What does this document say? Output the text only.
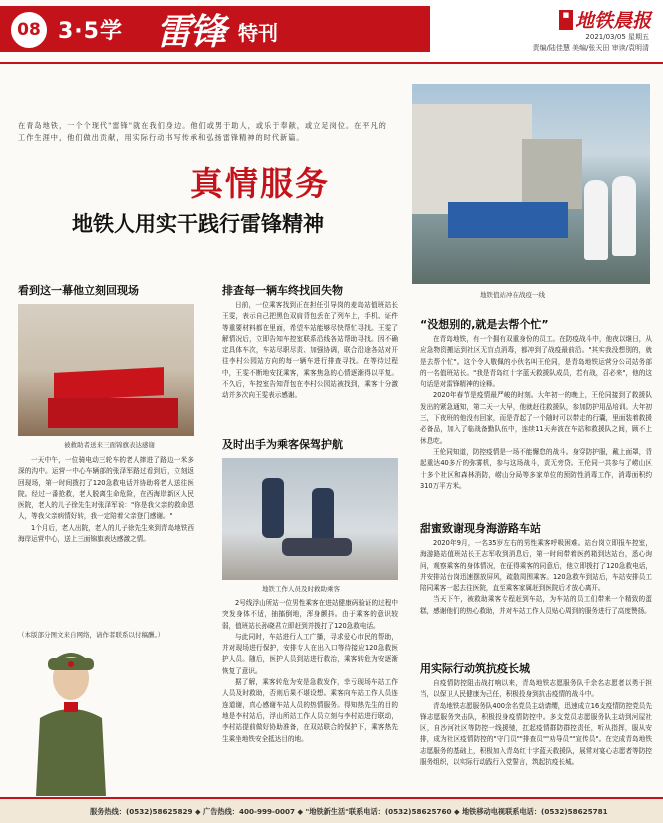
08 3·5学 雷锋 特刊
■ 地铁晨报
2021/03/05 星期五
责编/陆佳慧 美编/张天田 审读/袁明清
在青岛地铁，一个个现代"雷锋"就在我们身边。他们或男于助人，或乐于奉献，或立足岗位。在平凡的工作生涯中，他们做出贡献，用实际行动书写传承和弘扬雷锋精神的时代新篇。
真情服务
地铁人用实干践行雷锋精神
地铁值站冲在战疫一线
看到这一幕他立刻回现场
被救助者送来三面锦旗表达感谢

一天中午，一位骑电动三轮车的老人摔进了路边一米多深的沟中。运营一中心车辆部的张泽军路过看到后，立刻返回现场，第一时间拨打了120急救电话并协助将老人送往医院。经过一番抢救，老人脱离生命危险，在西海岸新区人民医院，老人的儿子徐先生对张泽军说："你是我父亲的救命恩人，等我父亲病情好转，我一定陪着父亲登门感谢。"

1个月后，老人出院，老人的儿子徐先生来到青岛地铁西海岸运营中心，送上三面锦旗表达感激之情。

（本版部分图文来自网络，请作者联系以付稿酬。）
排查每一辆车终找回失物

日前，一位乘客找到正在担任引导岗的麦岛站值班站长王雯，表示自己把黑色双肩背包丢在了列车上，手机、证件等重要材料都在里面，希望车站能够尽快帮忙寻找。王雯了解情况后，立即告知车控室联系沿线各站帮助寻找。因不确定具体车次，车站尽职尽责、加强协调，联合沿途各站对开往李村公园站方向的每一辆车进行排查寻找。在等待过程中，王雯不断地安抚乘客，乘客焦急的心情逐渐得以平复。不久后，车控室告知背包在李村公园站被找到，乘客十分激动并多次向王雯表示感谢。

及时出手为乘客保驾护航
地铁工作人员及时救助乘客

2号线浮山所站一位男性乘客在进站健康码验证的过程中突发身体不适，抽搐倒地，浑身颤抖。由于乘客的意识较弱，值班站长孙晓君立即赶到并拨打了120急救电话。

与此同时，车站进行人工广播，寻求爱心市民的帮助，并对现场进行保护，安排专人在出入口等待接应120急救医护人员。随后，医护人员到站进行救治，乘客转危为安逐渐恢复了意识。

据了解，乘客转危为安是急救发作，幸亏现场车站工作人员及时救助，否则后果不堪设想。乘客向车站工作人员连连道谢，真心感谢车站人员的热情服务。得知热先生的目的地是李村站后，浮山所站工作人员立刻与李村站进行联动，李村站提前做好协助准备，在双站联合的保护下，乘客热先生乘坐地铁安全抵达目的地。

“没想别的,就是去帮个忙”

在青岛地铁，有一个拥有双重身份的员工。在防疫战斗中，他夜以继日，从应急物资搬运到社区无盲点消毒，都冲到了战疫最前沿。"其实我没想别的，就是去帮个忙"。这个令人敬佩的小伙名叫王伦同，是青岛地铁运营分公司站务部的一名值班站长。"我是青岛红十字蓝天救援队成员，若有战，召必来"，他的这句话是对雷锋精神的诠释。

2020年春节是疫情最严峻的时刻。大年初一的晚上，王伦同接到了救援队发出的紧急通知，第二天一大早，他就赶往救援队，参加防护用品培训。大年初三，下夜班的他没有回家，而是背起了一个随时可以带走的行囊，里面装着救援必备品，加入了临战备勤队伍中，连续11天奔波在车站和救援队之间，顾不上休息吃。

王伦同知道，防控疫情是一场不能懈怠的战斗。身穿防护服，戴上面罩，背起重达40多斤的弥雾机，参与这场战斗，责无旁贷。王伦同一共参与了崂山区十多个社区和森林消防，崂山分局等多家单位的预防性消毒工作，消毒面积约310万平方米。

甜蜜致谢现身海游路车站

2020年9月，一名35岁左右的男性乘客呼吸困难。站台岗立即报车控室，海游路站值班站长王志军收到消息后，第一时间带着医药箱到达站台，悉心询问，观察乘客的身体情况，在征得乘客的同意后，他立即拨打了120急救电话，并安排站台岗迅速摆放屏风，疏散周围乘客。120急救车到站后，车站安排员工陪同乘客一起去往医院，直至乘客家属赶到医院后才放心离开。

当天下午，被救助乘客专程赶到车站，为车站的员工们带来一个精致的蛋糕，感谢他们的热心救助，并对车站工作人员贴心周到的服务进行了高度赞扬。

用实际行动筑抗疫长城

自疫情防控阻击战打响以来，青岛地铁志愿服务队千余名志愿者以勇于担当，以保卫人民健康为己任，积极投身到抗击疫情的战斗中。

青岛地铁志愿服务队400余名党员主动请缨，迅速成立16支疫情防控党员先锋志愿服务突击队，积极投身疫情防控中。多支党员志愿服务队主动到河屋社区，自沙河社区等防控一线援驰，扛起疫情群防群控责任，听从指挥，服从安排，成为社区疫情防控的"守门员""排查员""劝导员""宣传员"。在完成青岛地铁志愿服务的基础上，积极加入青岛红十字蓝天救援队，展常对宴心志愿者等防控服务组织，以实际行动践行入党誓言，筑起抗疫长城。

服务热线：(0532)58625829 ◆ 广告热线：400-999-0007 ◆ "地铁新生活"联系电话：(0532)58625760 ◆ 地铁移动电视联系电话：(0532)58625781
